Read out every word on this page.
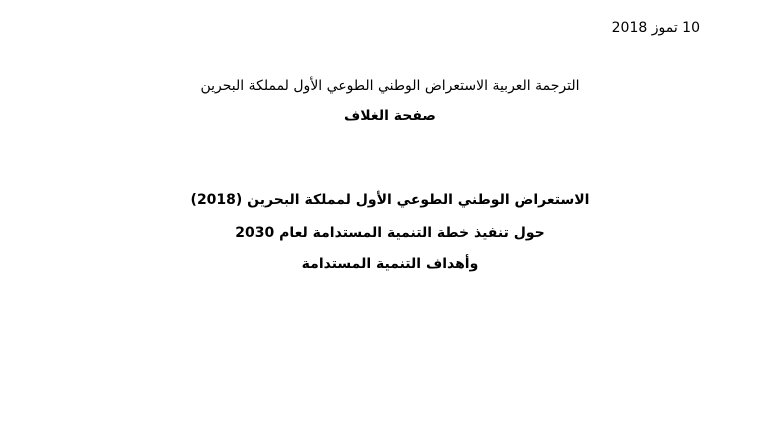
10 تموز 2018
الترجمة العربية الاستعراض الوطني الطوعي الأول لمملكة البحرين
صفحة الغلاف
الاستعراض الوطني الطوعي الأول لمملكة البحرين (2018)
حول تنفيذ خطة التنمية المستدامة لعام 2030
وأهداف التنمية المستدامة
